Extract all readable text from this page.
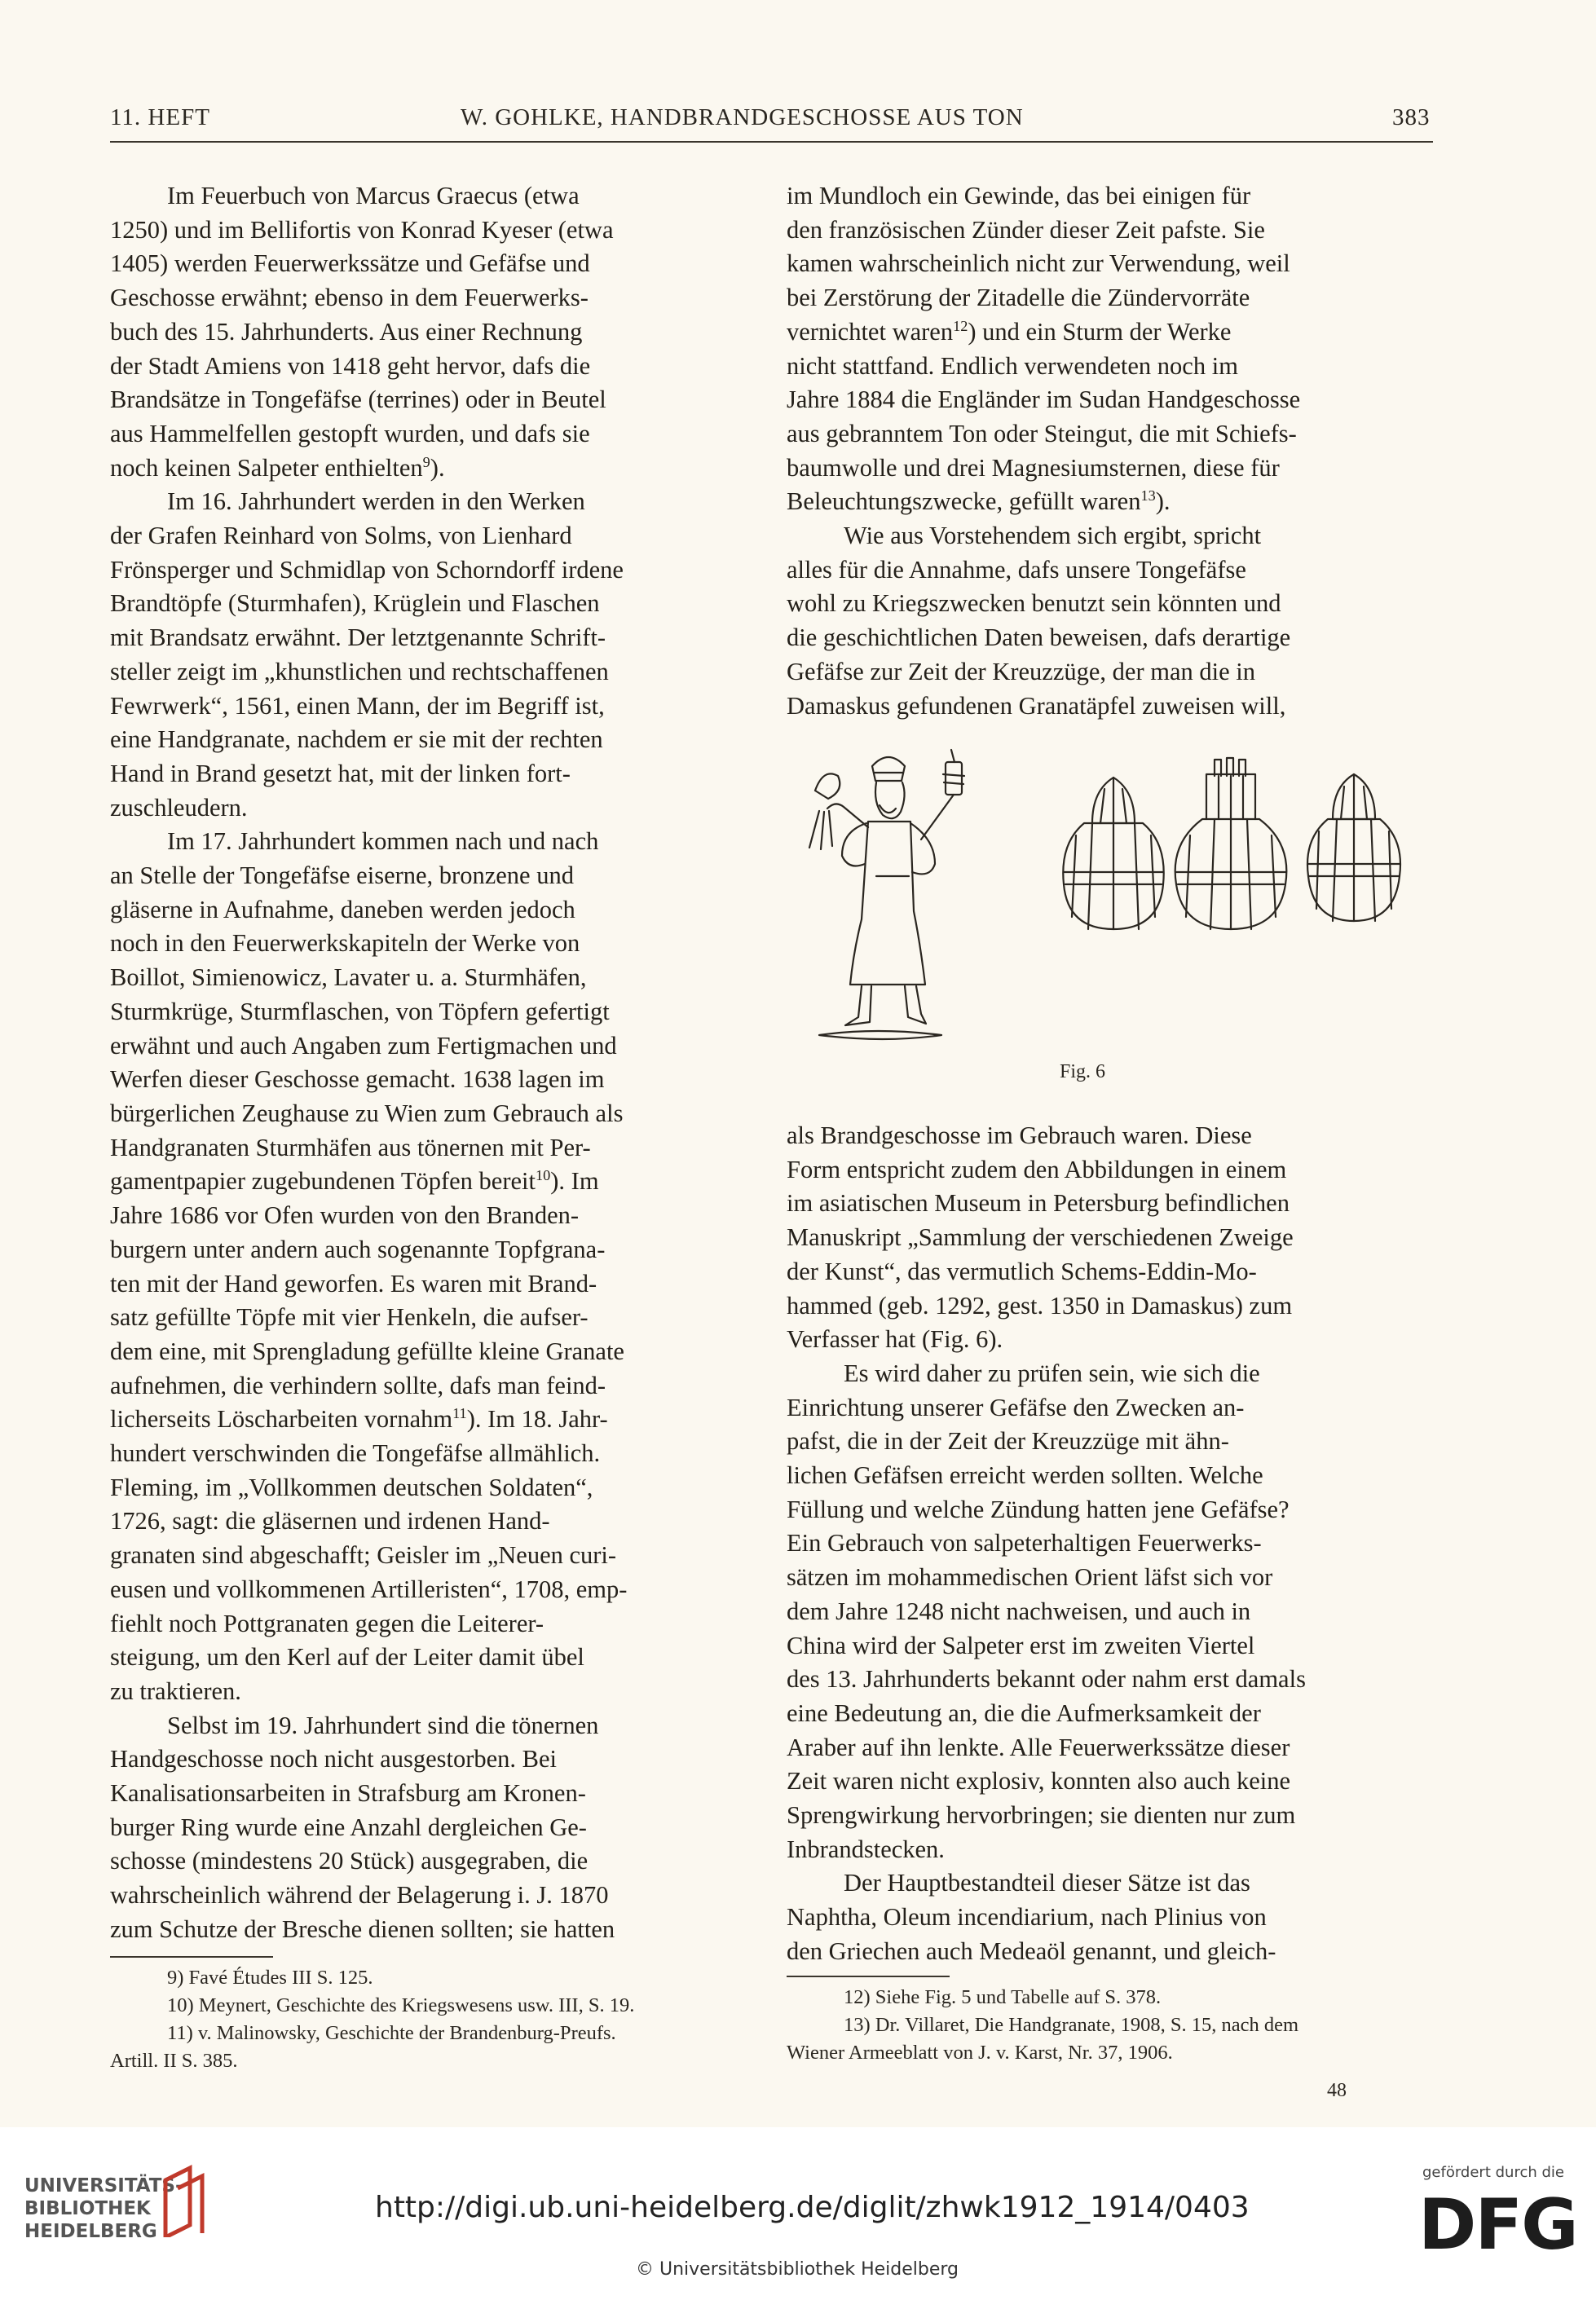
11. HEFT	W. GOHLKE, HANDBRANDGESCHOSSE AUS TON	383

Im Feuerbuch von Marcus Graecus (etwa
1250) und im Bellifortis von Konrad Kyeser (etwa
1405) werden Feuerwerkssätze und Gefäfse und
Geschosse erwähnt; ebenso in dem Feuerwerks-
buch des 15. Jahrhunderts. Aus einer Rechnung
der Stadt Amiens von 1418 geht hervor, dafs die
Brandsätze in Tongefäfse (terrines) oder in Beutel
aus Hammelfellen gestopft wurden, und dafs sie
noch keinen Salpeter enthielten$^9$).

Im 16. Jahrhundert werden in den Werken
der Grafen Reinhard von Solms, von Lienhard
Frönsperger und Schmidlap von Schorndorff irdene
Brandtöpfe (Sturmhafen), Krüglein und Flaschen
mit Brandsatz erwähnt. Der letztgenannte Schrift-
steller zeigt im „khunstlichen und rechtschaffenen
Fewrwerk“, 1561, einen Mann, der im Begriff ist,
eine Handgranate, nachdem er sie mit der rechten
Hand in Brand gesetzt hat, mit der linken fort-
zuschleudern.

Im 17. Jahrhundert kommen nach und nach
an Stelle der Tongefäfse eiserne, bronzene und
gläserne in Aufnahme, daneben werden jedoch
noch in den Feuerwerkskapiteln der Werke von
Boillot, Simienowicz, Lavater u. a. Sturmhäfen,
Sturmkrüge, Sturmflaschen, von Töpfern gefertigt
erwähnt und auch Angaben zum Fertigmachen und
Werfen dieser Geschosse gemacht. 1638 lagen im
bürgerlichen Zeughause zu Wien zum Gebrauch als
Handgranaten Sturmhäfen aus tönernen mit Per-
gamentpapier zugebundenen Töpfen bereit$^{10}$). Im
Jahre 1686 vor Ofen wurden von den Branden-
burgern unter andern auch sogenannte Topfgrana-
ten mit der Hand geworfen. Es waren mit Brand-
satz gefüllte Töpfe mit vier Henkeln, die aufser-
dem eine, mit Sprengladung gefüllte kleine Granate
aufnehmen, die verhindern sollte, dafs man feind-
licherseits Löscharbeiten vornahm$^{11}$). Im 18. Jahr-
hundert verschwinden die Tongefäfse allmählich.
Fleming, im „Vollkommen deutschen Soldaten“,
1726, sagt: die gläsernen und irdenen Hand-
granaten sind abgeschafft; Geisler im „Neuen curi-
eusen und vollkommenen Artilleristen“, 1708, emp-
fiehlt noch Pottgranaten gegen die Leiterer-
steigung, um den Kerl auf der Leiter damit übel
zu traktieren.

Selbst im 19. Jahrhundert sind die tönernen
Handgeschosse noch nicht ausgestorben. Bei
Kanalisationsarbeiten in Strafsburg am Kronen-
burger Ring wurde eine Anzahl dergleichen Ge-
schosse (mindestens 20 Stück) ausgegraben, die
wahrscheinlich während der Belagerung i. J. 1870
zum Schutze der Bresche dienen sollten; sie hatten

9) Favé Études III S. 125.
10) Meynert, Geschichte des Kriegswesens usw. III, S. 19.
11) v. Malinowsky, Geschichte der Brandenburg-Preufs.
Artill. II S. 385.

im Mundloch ein Gewinde, das bei einigen für
den französischen Zünder dieser Zeit pafste. Sie
kamen wahrscheinlich nicht zur Verwendung, weil
bei Zerstörung der Zitadelle die Zündervorräte
vernichtet waren$^{12}$) und ein Sturm der Werke
nicht stattfand. Endlich verwendeten noch im
Jahre 1884 die Engländer im Sudan Handgeschosse
aus gebranntem Ton oder Steingut, die mit Schiefs-
baumwolle und drei Magnesiumsternen, diese für
Beleuchtungszwecke, gefüllt waren$^{13}$).

Wie aus Vorstehendem sich ergibt, spricht
alles für die Annahme, dafs unsere Tongefäfse
wohl zu Kriegszwecken benutzt sein könnten und
die geschichtlichen Daten beweisen, dafs derartige
Gefäfse zur Zeit der Kreuzzüge, der man die in
Damaskus gefundenen Granatäpfel zuweisen will,

Fig. 6

als Brandgeschosse im Gebrauch waren. Diese
Form entspricht zudem den Abbildungen in einem
im asiatischen Museum in Petersburg befindlichen
Manuskript „Sammlung der verschiedenen Zweige
der Kunst“, das vermutlich Schems-Eddin-Mo-
hammed (geb. 1292, gest. 1350 in Damaskus) zum
Verfasser hat (Fig. 6).

Es wird daher zu prüfen sein, wie sich die
Einrichtung unserer Gefäfse den Zwecken an-
pafst, die in der Zeit der Kreuzzüge mit ähn-
lichen Gefäfsen erreicht werden sollten. Welche
Füllung und welche Zündung hatten jene Gefäfse?
Ein Gebrauch von salpeterhaltigen Feuerwerks-
sätzen im mohammedischen Orient läfst sich vor
dem Jahre 1248 nicht nachweisen, und auch in
China wird der Salpeter erst im zweiten Viertel
des 13. Jahrhunderts bekannt oder nahm erst damals
eine Bedeutung an, die die Aufmerksamkeit der
Araber auf ihn lenkte. Alle Feuerwerkssätze dieser
Zeit waren nicht explosiv, konnten also auch keine
Sprengwirkung hervorbringen; sie dienten nur zum
Inbrandstecken.

Der Hauptbestandteil dieser Sätze ist das
Naphtha, Oleum incendiarium, nach Plinius von
den Griechen auch Medeaöl genannt, und gleich-

12) Siehe Fig. 5 und Tabelle auf S. 378.
13) Dr. Villaret, Die Handgranate, 1908, S. 15, nach dem
Wiener Armeeblatt von J. v. Karst, Nr. 37, 1906.
48
UNIVERSITÄTS-
BIBLIOTHEK
HEIDELBERG
http://digi.ub.uni-heidelberg.de/diglit/zhwk1912_1914/0403
© Universitätsbibliothek Heidelberg
gefördert durch die
DFG
